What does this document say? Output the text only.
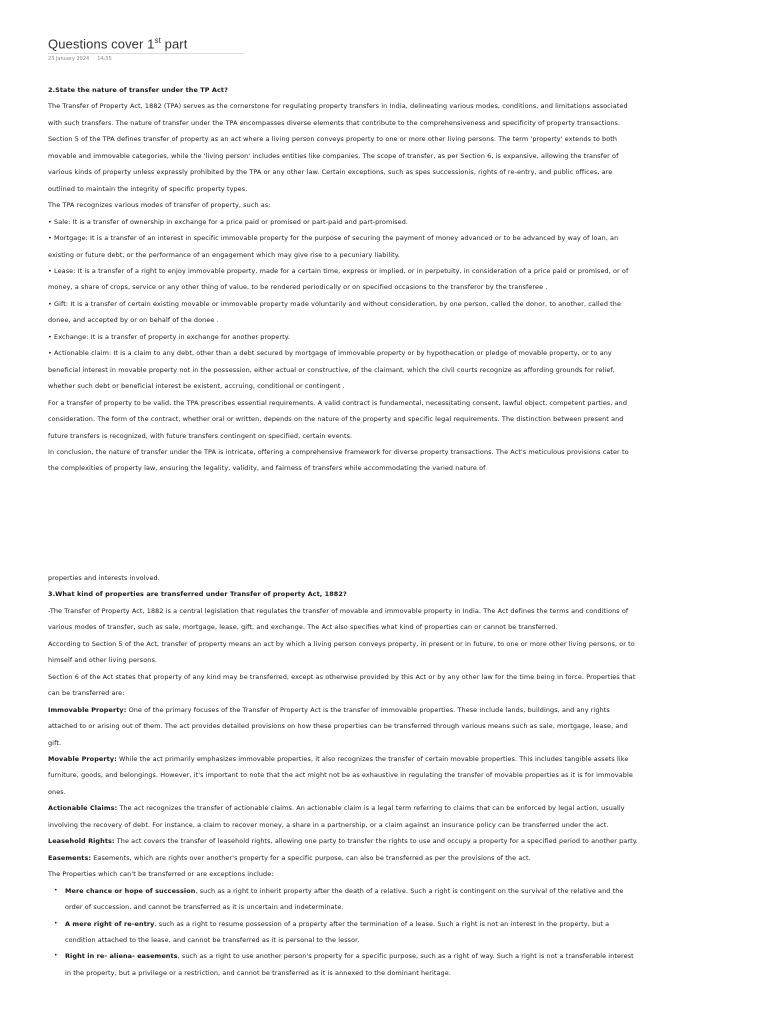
Questions cover 1st part
23 January 2024 14:35

2.State the nature of transfer under the TP Act?

The Transfer of Property Act, 1882 (TPA) serves as the cornerstone for regulating property transfers in India, delineating various modes, conditions, and limitations associated with such transfers. The nature of transfer under the TPA encompasses diverse elements that contribute to the comprehensiveness and specificity of property transactions.

Section 5 of the TPA defines transfer of property as an act where a living person conveys property to one or more other living persons. The term 'property' extends to both movable and immovable categories, while the 'living person' includes entities like companies. The scope of transfer, as per Section 6, is expansive, allowing the transfer of various kinds of property unless expressly prohibited by the TPA or any other law. Certain exceptions, such as spes successionis, rights of re-entry, and public offices, are outlined to maintain the integrity of specific property types.

The TPA recognizes various modes of transfer of property, such as:

• Sale: It is a transfer of ownership in exchange for a price paid or promised or part-paid and part-promised.

• Mortgage: It is a transfer of an interest in specific immovable property for the purpose of securing the payment of money advanced or to be advanced by way of loan, an existing or future debt, or the performance of an engagement which may give rise to a pecuniary liability.

• Lease: It is a transfer of a right to enjoy immovable property, made for a certain time, express or implied, or in perpetuity, in consideration of a price paid or promised, or of money, a share of crops, service or any other thing of value, to be rendered periodically or on specified occasions to the transferor by the transferee .

• Gift: It is a transfer of certain existing movable or immovable property made voluntarily and without consideration, by one person, called the donor, to another, called the donee, and accepted by or on behalf of the donee .

• Exchange: It is a transfer of property in exchange for another property.

• Actionable claim: It is a claim to any debt, other than a debt secured by mortgage of immovable property or by hypothecation or pledge of movable property, or to any beneficial interest in movable property not in the possession, either actual or constructive, of the claimant, which the civil courts recognize as affording grounds for relief, whether such debt or beneficial interest be existent, accruing, conditional or contingent .

For a transfer of property to be valid, the TPA prescribes essential requirements. A valid contract is fundamental, necessitating consent, lawful object, competent parties, and consideration. The form of the contract, whether oral or written, depends on the nature of the property and specific legal requirements. The distinction between present and future transfers is recognized, with future transfers contingent on specified, certain events.

In conclusion, the nature of transfer under the TPA is intricate, offering a comprehensive framework for diverse property transactions. The Act's meticulous provisions cater to the complexities of property law, ensuring the legality, validity, and fairness of transfers while accommodating the varied nature of

properties and interests involved.

3.What kind of properties are transferred under Transfer of property Act, 1882?

-The Transfer of Property Act, 1882 is a central legislation that regulates the transfer of movable and immovable property in India. The Act defines the terms and conditions of various modes of transfer, such as sale, mortgage, lease, gift, and exchange. The Act also specifies what kind of properties can or cannot be transferred.

According to Section 5 of the Act, transfer of property means an act by which a living person conveys property, in present or in future, to one or more other living persons, or to himself and other living persons.

Section 6 of the Act states that property of any kind may be transferred, except as otherwise provided by this Act or by any other law for the time being in force. Properties that can be transferred are:

Immovable Property: One of the primary focuses of the Transfer of Property Act is the transfer of immovable properties. These include lands, buildings, and any rights attached to or arising out of them. The act provides detailed provisions on how these properties can be transferred through various means such as sale, mortgage, lease, and gift.

Movable Property: While the act primarily emphasizes immovable properties, it also recognizes the transfer of certain movable properties. This includes tangible assets like furniture, goods, and belongings. However, it's important to note that the act might not be as exhaustive in regulating the transfer of movable properties as it is for immovable ones.

Actionable Claims: The act recognizes the transfer of actionable claims. An actionable claim is a legal term referring to claims that can be enforced by legal action, usually involving the recovery of debt. For instance, a claim to recover money, a share in a partnership, or a claim against an insurance policy can be transferred under the act.

Leasehold Rights: The act covers the transfer of leasehold rights, allowing one party to transfer the rights to use and occupy a property for a specified period to another party.

Easements: Easements, which are rights over another's property for a specific purpose, can also be transferred as per the provisions of the act.

The Properties which can't be transferred or are exceptions include:

• Mere chance or hope of succession, such as a right to inherit property after the death of a relative. Such a right is contingent on the survival of the relative and the order of succession, and cannot be transferred as it is uncertain and indeterminate.
• A mere right of re-entry, such as a right to resume possession of a property after the termination of a lease. Such a right is not an interest in the property, but a condition attached to the lease, and cannot be transferred as it is personal to the lessor.
• Right in re- aliena- easements, such as a right to use another person's property for a specific purpose, such as a right of way. Such a right is not a transferable interest in the property, but a privilege or a restriction, and cannot be transferred as it is annexed to the dominant heritage.
